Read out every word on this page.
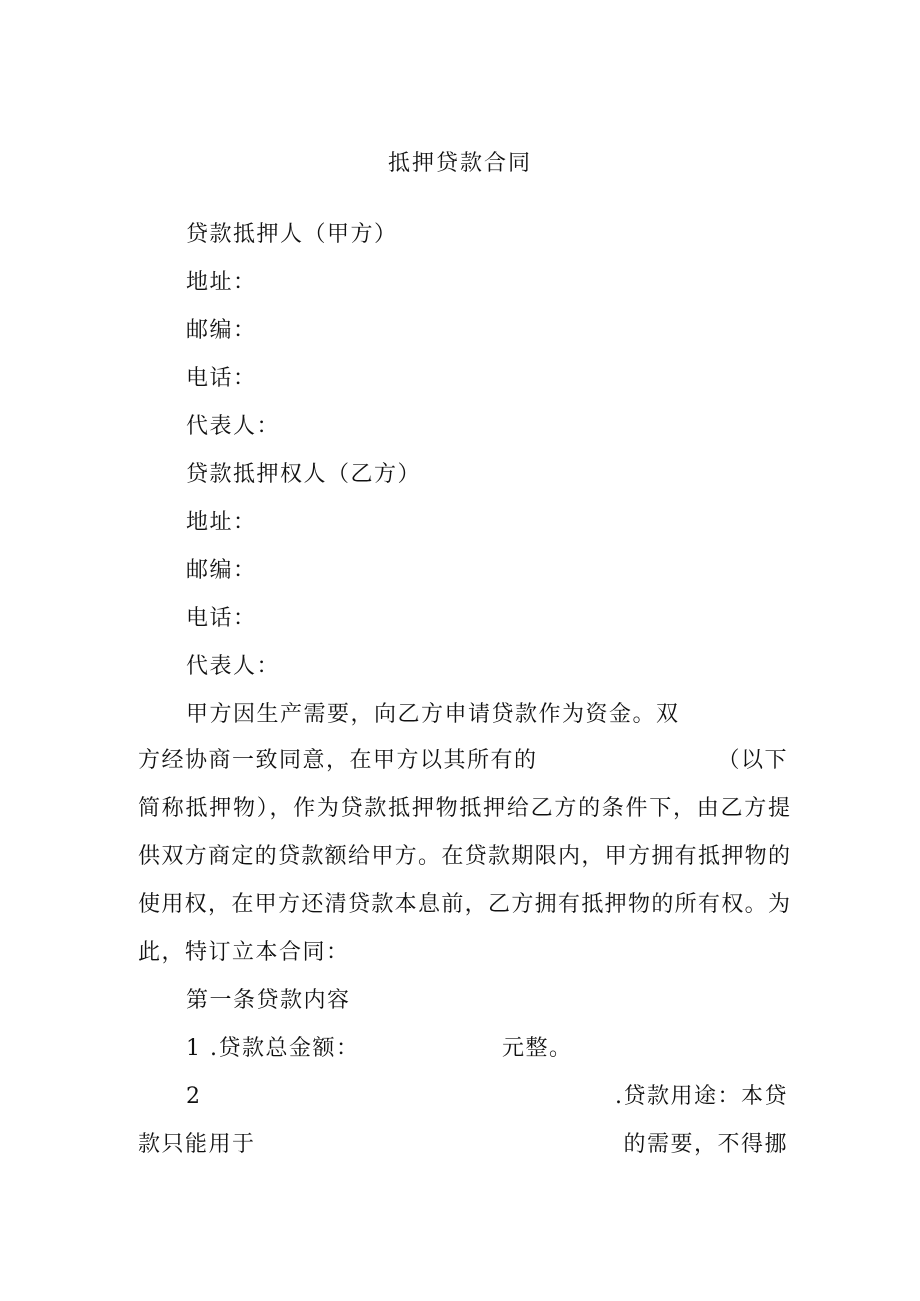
抵押贷款合同
贷款抵押人（甲方）
地址：
邮编：
电话：
代表人：
贷款抵押权人（乙方）
地址：
邮编：
电话：
代表人：
甲方因生产需要，向乙方申请贷款作为资金。双
方经协商一致同意，在甲方以其所有的	（以下
简称抵押物），作为贷款抵押物抵押给乙方的条件下，由乙方提
供双方商定的贷款额给甲方。在贷款期限内，甲方拥有抵押物的
使用权，在甲方还清贷款本息前，乙方拥有抵押物的所有权。为
此，特订立本合同：
第一条贷款内容
1 .贷款总金额：	元整。
2	.贷款用途：本贷
款只能用于	的需要，不得挪
